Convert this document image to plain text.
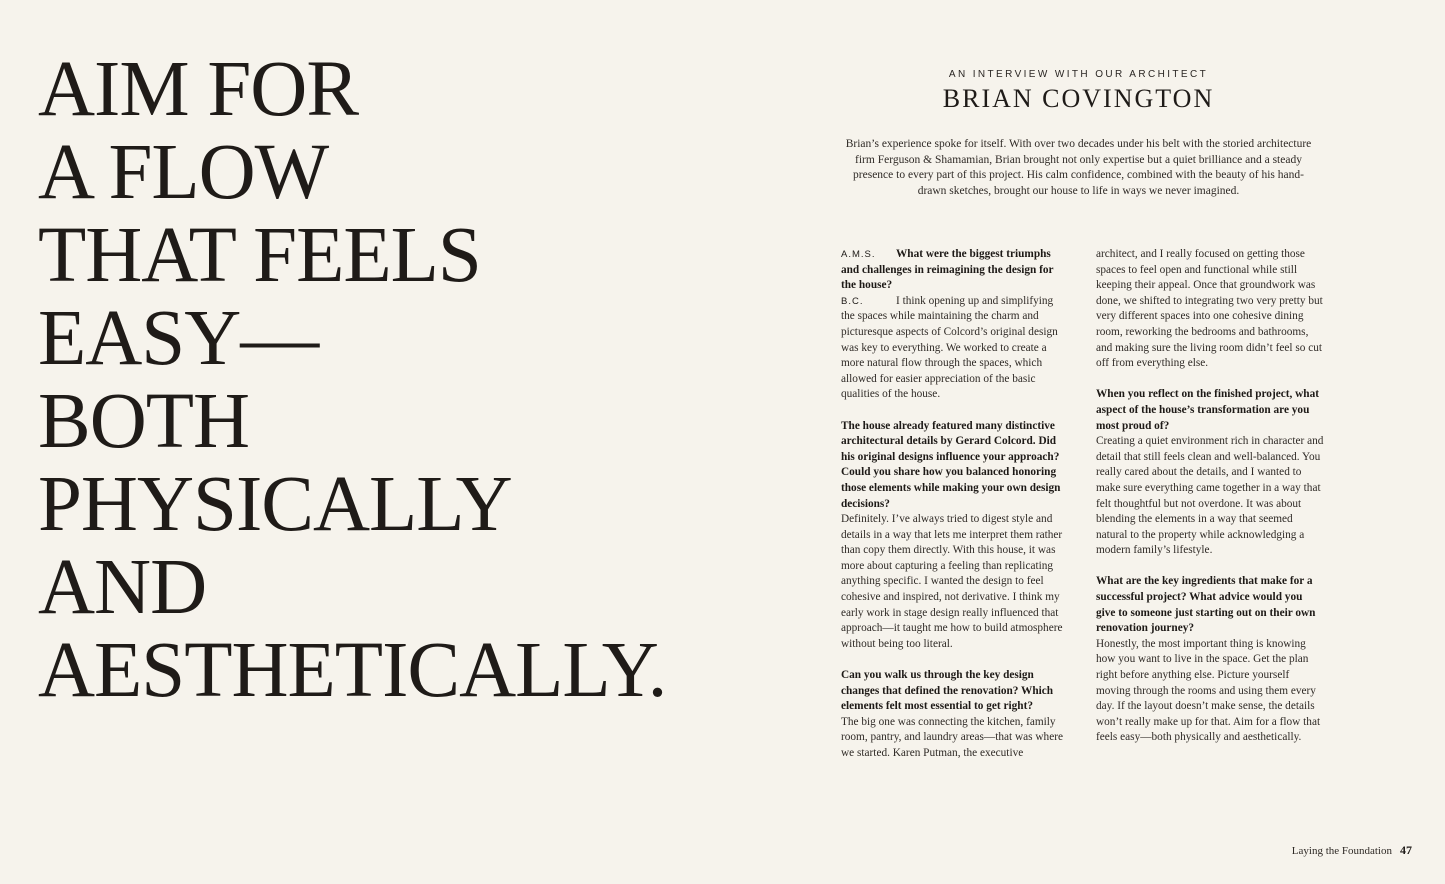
AIM FOR
A FLOW
THAT FEELS
EASY—
BOTH
PHYSICALLY
AND
AESTHETICALLY.
AN INTERVIEW WITH OUR ARCHITECT
BRIAN COVINGTON
Brian’s experience spoke for itself. With over two decades under his belt with the storied architecture firm Ferguson & Shamamian, Brian brought not only expertise but a quiet brilliance and a steady presence to every part of this project. His calm confidence, combined with the beauty of his hand-drawn sketches, brought our house to life in ways we never imagined.

A.M.S. What were the biggest triumphs and challenges in reimagining the design for the house?

B.C.	I think opening up and simplifying the spaces while maintaining the charm and picturesque aspects of Colcord’s original design was key to everything. We worked to create a more natural flow through the spaces, which allowed for easier appreciation of the basic qualities of the house.

The house already featured many distinctive architectural details by Gerard Colcord. Did his original designs influence your approach? Could you share how you balanced honoring those elements while making your own design decisions?

Definitely. I’ve always tried to digest style and details in a way that lets me interpret them rather than copy them directly. With this house, it was more about capturing a feeling than replicating anything specific. I wanted the design to feel cohesive and inspired, not derivative. I think my early work in stage design really influenced that approach—it taught me how to build atmosphere without being too literal.

Can you walk us through the key design changes that defined the renovation? Which elements felt most essential to get right?

The big one was connecting the kitchen, family room, pantry, and laundry areas—that was where we started. Karen Putman, the executive

architect, and I really focused on getting those spaces to feel open and functional while still keeping their appeal. Once that groundwork was done, we shifted to integrating two very pretty but very different spaces into one cohesive dining room, reworking the bedrooms and bathrooms, and making sure the living room didn’t feel so cut off from everything else.

When you reflect on the finished project, what aspect of the house’s transformation are you most proud of?

Creating a quiet environment rich in character and detail that still feels clean and well-balanced. You really cared about the details, and I wanted to make sure everything came together in a way that felt thoughtful but not overdone. It was about blending the elements in a way that seemed natural to the property while acknowledging a modern family’s lifestyle.

What are the key ingredients that make for a successful project? What advice would you give to someone just starting out on their own renovation journey?

Honestly, the most important thing is knowing how you want to live in the space. Get the plan right before anything else. Picture yourself moving through the rooms and using them every day. If the layout doesn’t make sense, the details won’t really make up for that. Aim for a flow that feels easy—both physically and aesthetically.

Laying the Foundation 47
